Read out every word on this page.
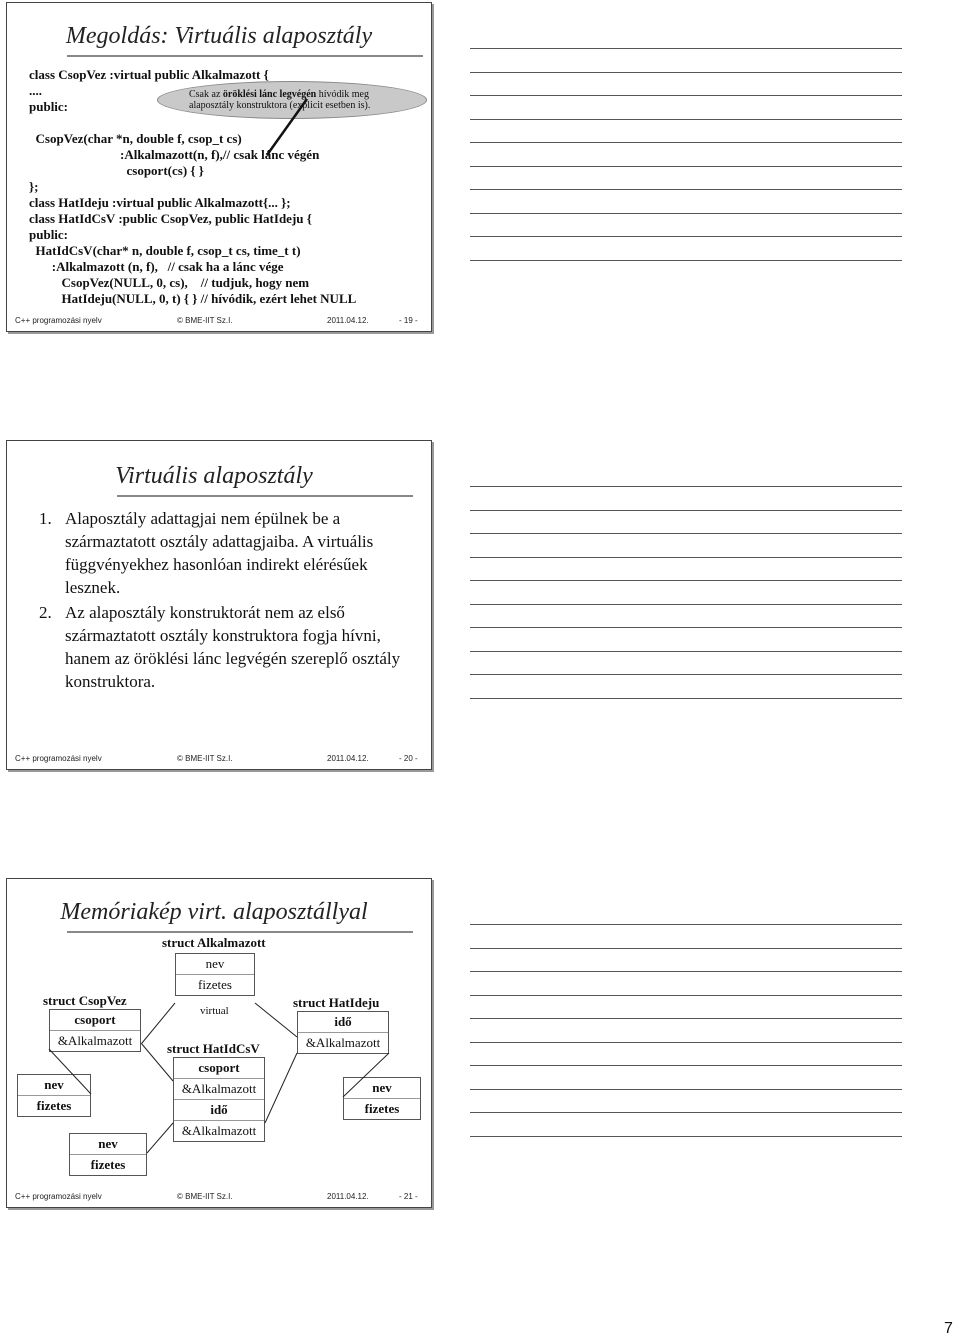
Megoldás: Virtuális alaposztály
Csak az öröklési lánc legvégén hívódik meg alaposztály konstruktora (explicit esetben is).
class CsopVez :virtual public Alkalmazott {
....
public:

CsopVez(char *n, double f, csop_t cs)
:Alkalmazott(n, f),// csak lánc végén
csoport(cs) { }
};
class HatIdeju :virtual public Alkalmazott{... };
class HatIdCsV :public CsopVez, public HatIdeju {
public:
HatIdCsV(char* n, double f, csop_t cs, time_t t)
:Alkalmazott (n, f),   // csak ha a lánc vége
CsopVez(NULL, 0, cs),    // tudjuk, hogy nem
HatIdeju(NULL, 0, t) { } // hívódik, ezért lehet NULL
C++ programozási nyelv	© BME-IIT Sz.I.	2011.04.12.	- 19 -
Virtuális alaposztály
1. Alaposztály adattagjai nem épülnek be a származtatott osztály adattagjaiba. A virtuális függvényekhez hasonlóan indirekt elérésűek lesznek.
2. Az alaposztály konstruktorát nem az első származtatott osztály konstruktora fogja hívni, hanem az öröklési lánc legvégén szereplő osztály konstruktora.
C++ programozási nyelv	© BME-IIT Sz.I.	2011.04.12.	- 20 -
Memóriakép virt. alaposztállyal
struct Alkalmazott
nev
fizetes
virtual
struct CsopVez
csoport
&Alkalmazott
struct HatIdeju
idő
&Alkalmazott
struct HatIdCsV
csoport
&Alkalmazott
idő
&Alkalmazott
nev
fizetes
nev
fizetes
nev
fizetes
C++ programozási nyelv	© BME-IIT Sz.I.	2011.04.12.	- 21 -
7
